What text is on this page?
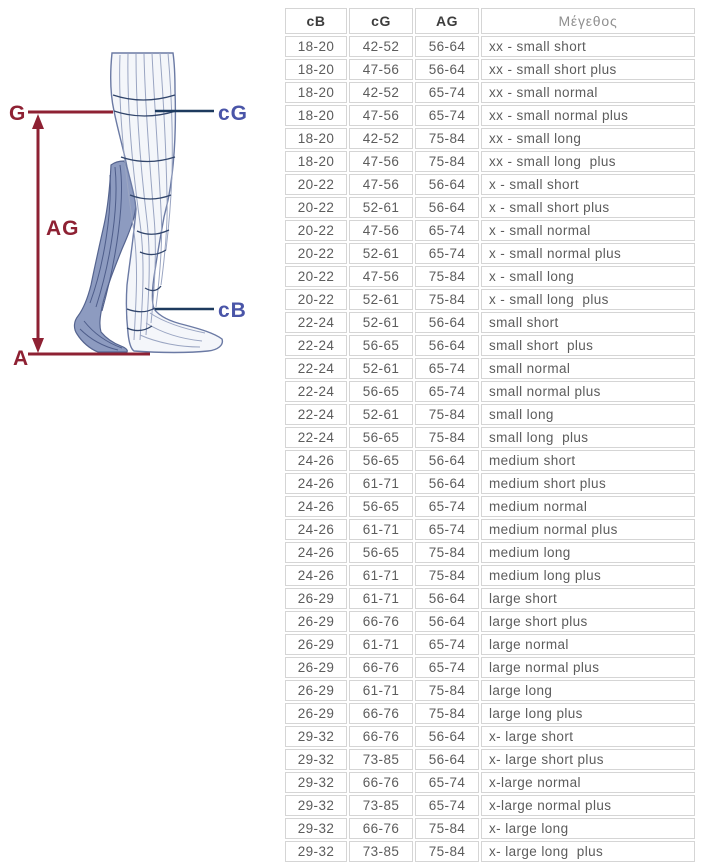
G	cG
AG
cB
A
cB	cG	AG	Μέγεθος
18-20	42-52	56-64	xx - small short
18-20	47-56	56-64	xx - small short plus
18-20	42-52	65-74	xx - small normal
18-20	47-56	65-74	xx - small normal plus
18-20	42-52	75-84	xx - small long
18-20	47-56	75-84	xx - small long  plus
20-22	47-56	56-64	x - small short
20-22	52-61	56-64	x - small short plus
20-22	47-56	65-74	x - small normal
20-22	52-61	65-74	x - small normal plus
20-22	47-56	75-84	x - small long
20-22	52-61	75-84	x - small long  plus
22-24	52-61	56-64	small short
22-24	56-65	56-64	small short  plus
22-24	52-61	65-74	small normal
22-24	56-65	65-74	small normal plus
22-24	52-61	75-84	small long
22-24	56-65	75-84	small long  plus
24-26	56-65	56-64	medium short
24-26	61-71	56-64	medium short plus
24-26	56-65	65-74	medium normal
24-26	61-71	65-74	medium normal plus
24-26	56-65	75-84	medium long
24-26	61-71	75-84	medium long plus
26-29	61-71	56-64	large short
26-29	66-76	56-64	large short plus
26-29	61-71	65-74	large normal
26-29	66-76	65-74	large normal plus
26-29	61-71	75-84	large long
26-29	66-76	75-84	large long plus
29-32	66-76	56-64	x- large short
29-32	73-85	56-64	x- large short plus
29-32	66-76	65-74	x-large normal
29-32	73-85	65-74	x-large normal plus
29-32	66-76	75-84	x- large long
29-32	73-85	75-84	x- large long  plus
